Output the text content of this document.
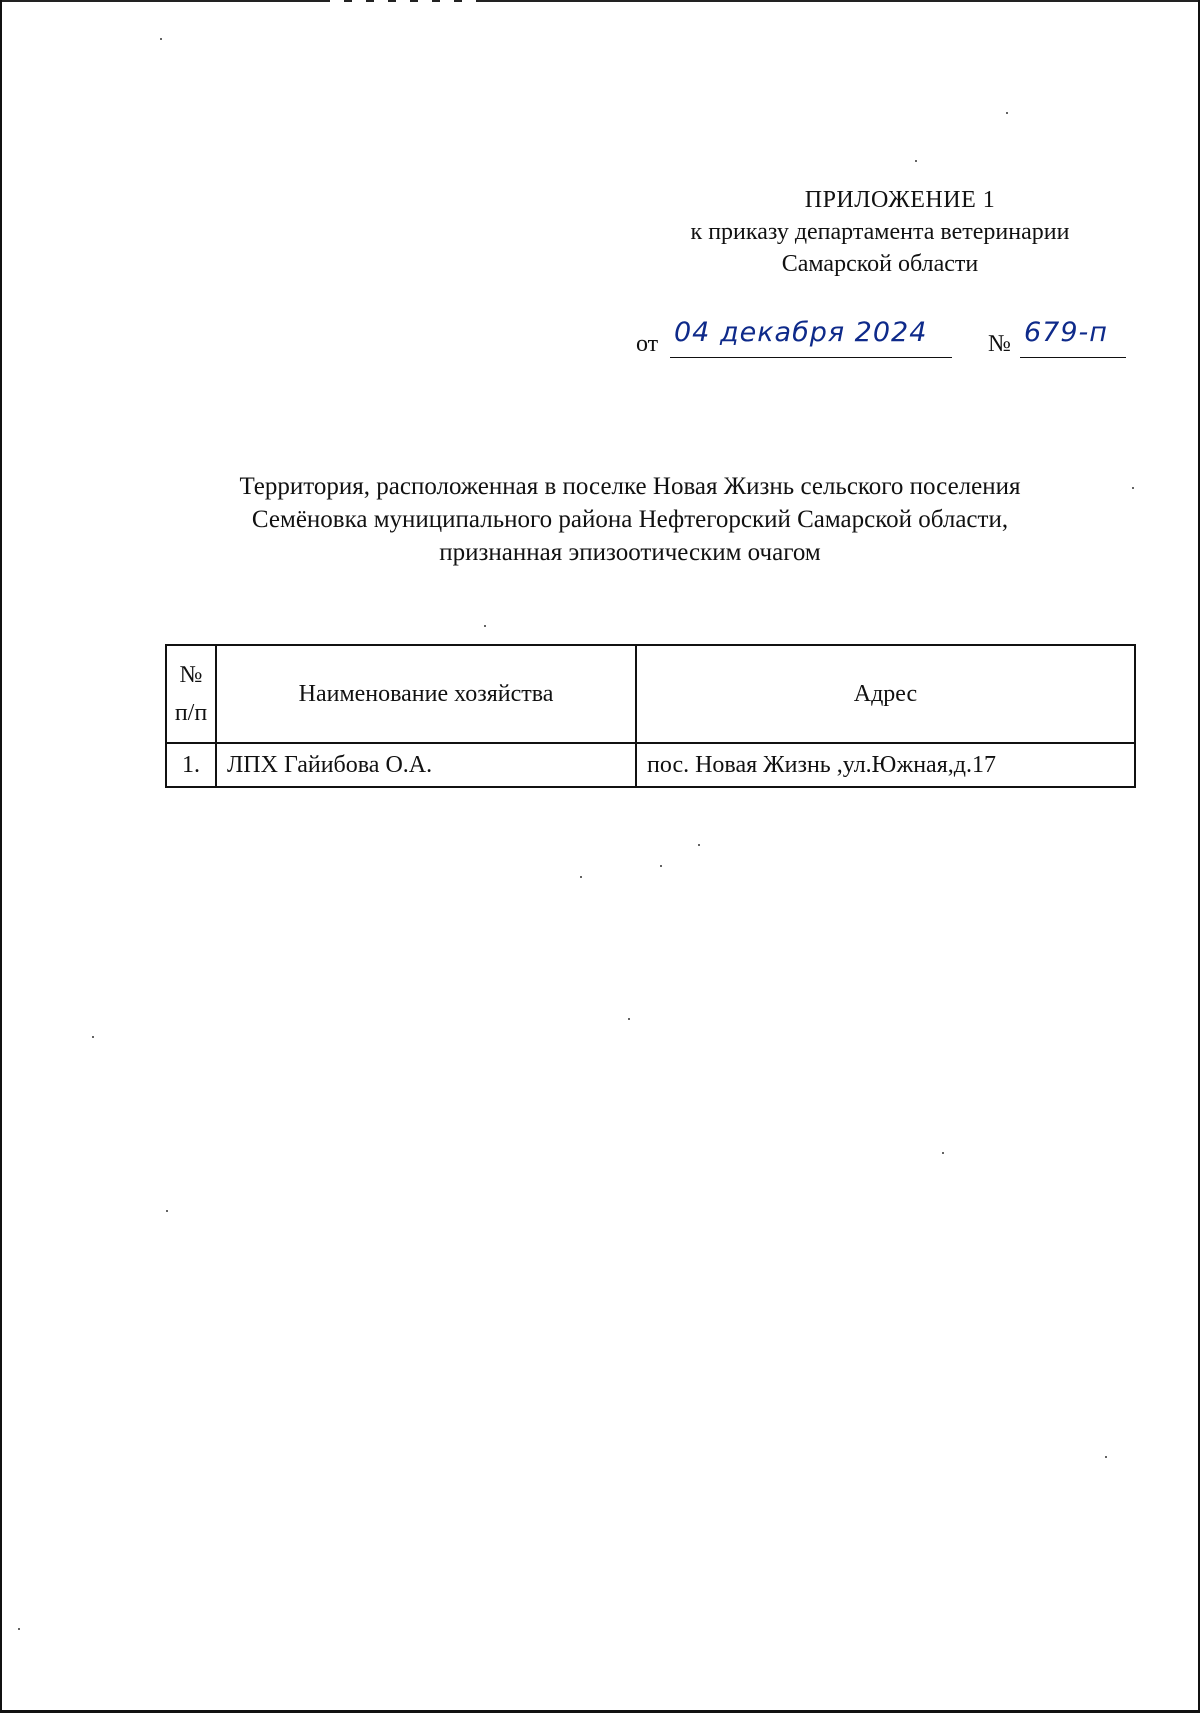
ПРИЛОЖЕНИЕ 1
к приказу департамента ветеринарии
Самарской области
от 04 декабря 2024	№ 679-п
Территория, расположенная в поселке Новая Жизнь сельского поселения
Семёновка муниципального района Нефтегорский Самарской области,
признанная эпизоотическим очагом
№
п/п	Наименование хозяйства	Адрес
1.	ЛПХ Гайибова О.А.	пос. Новая Жизнь ,ул.Южная,д.17
